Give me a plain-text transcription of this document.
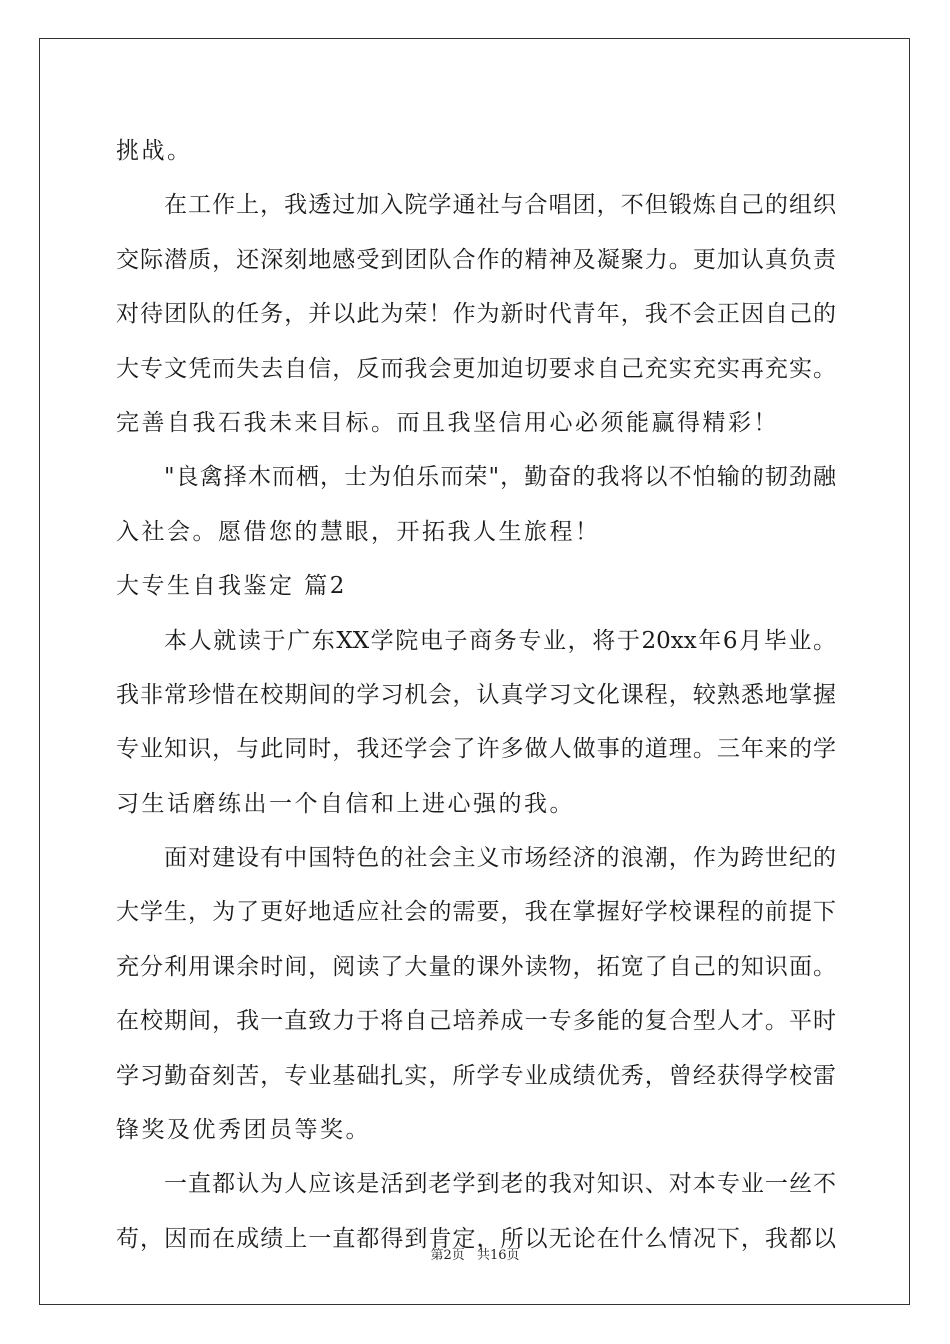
挑战。
在工作上，我透过加入院学通社与合唱团，不但锻炼自己的组织
交际潜质，还深刻地感受到团队合作的精神及凝聚力。更加认真负责
对待团队的任务，并以此为荣！作为新时代青年，我不会正因自己的
大专文凭而失去自信，反而我会更加迫切要求自己充实充实再充实。
完善自我石我未来目标。而且我坚信用心必须能赢得精彩！
"良禽择木而栖，士为伯乐而荣"，勤奋的我将以不怕输的韧劲融
入社会。愿借您的慧眼，开拓我人生旅程！
大专生自我鉴定 篇2
本人就读于广东XX学院电子商务专业，将于20xx年6月毕业。
我非常珍惜在校期间的学习机会，认真学习文化课程，较熟悉地掌握
专业知识，与此同时，我还学会了许多做人做事的道理。三年来的学
习生话磨练出一个自信和上进心强的我。
面对建设有中国特色的社会主义市场经济的浪潮，作为跨世纪的
大学生，为了更好地适应社会的需要，我在掌握好学校课程的前提下
充分利用课余时间，阅读了大量的课外读物，拓宽了自己的知识面。
在校期间，我一直致力于将自己培养成一专多能的复合型人才。平时
学习勤奋刻苦，专业基础扎实，所学专业成绩优秀，曾经获得学校雷
锋奖及优秀团员等奖。
一直都认为人应该是活到老学到老的我对知识、对本专业一丝不
苟，因而在成绩上一直都得到肯定，所以无论在什么情况下，我都以
第2页 共16页
